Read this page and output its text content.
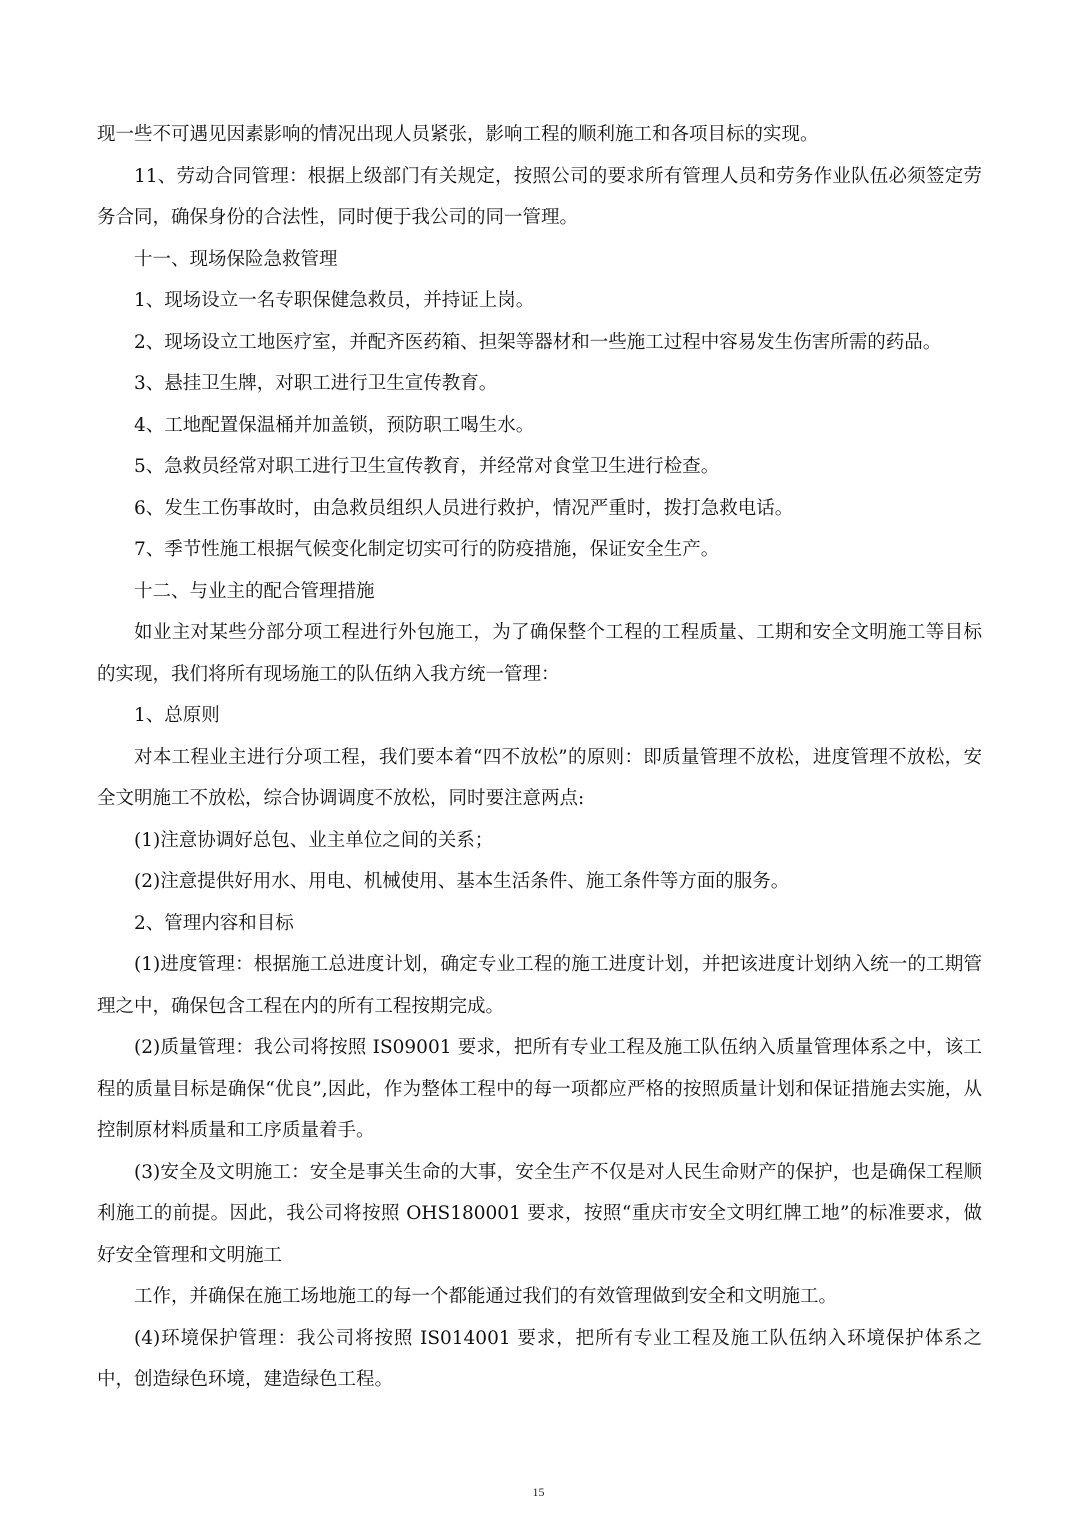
现一些不可遇见因素影响的情况出现人员紧张，影响工程的顺利施工和各项目标的实现。

11、劳动合同管理：根据上级部门有关规定，按照公司的要求所有管理人员和劳务作业队伍必须签定劳务合同，确保身份的合法性，同时便于我公司的同一管理。

十一、现场保险急救管理

1、现场设立一名专职保健急救员，并持证上岗。

2、现场设立工地医疗室，并配齐医药箱、担架等器材和一些施工过程中容易发生伤害所需的药品。

3、悬挂卫生牌，对职工进行卫生宣传教育。

4、工地配置保温桶并加盖锁，预防职工喝生水。

5、急救员经常对职工进行卫生宣传教育，并经常对食堂卫生进行检查。

6、发生工伤事故时，由急救员组织人员进行救护，情况严重时，拨打急救电话。

7、季节性施工根据气候变化制定切实可行的防疫措施，保证安全生产。

十二、与业主的配合管理措施

如业主对某些分部分项工程进行外包施工，为了确保整个工程的工程质量、工期和安全文明施工等目标的实现，我们将所有现场施工的队伍纳入我方统一管理：

1、总原则

对本工程业主进行分项工程，我们要本着“四不放松”的原则：即质量管理不放松，进度管理不放松，安全文明施工不放松，综合协调调度不放松，同时要注意两点:

(1)注意协调好总包、业主单位之间的关系；

(2)注意提供好用水、用电、机械使用、基本生活条件、施工条件等方面的服务。

2、管理内容和目标

(1)进度管理：根据施工总进度计划，确定专业工程的施工进度计划，并把该进度计划纳入统一的工期管理之中，确保包含工程在内的所有工程按期完成。

(2)质量管理：我公司将按照 IS09001 要求，把所有专业工程及施工队伍纳入质量管理体系之中，该工程的质量目标是确保“优良”,因此，作为整体工程中的每一项都应严格的按照质量计划和保证措施去实施，从控制原材料质量和工序质量着手。

(3)安全及文明施工：安全是事关生命的大事，安全生产不仅是对人民生命财产的保护，也是确保工程顺利施工的前提。因此，我公司将按照 OHS180001 要求，按照“重庆市安全文明红牌工地”的标准要求，做好安全管理和文明施工

工作，并确保在施工场地施工的每一个都能通过我们的有效管理做到安全和文明施工。

(4)环境保护管理：我公司将按照 IS014001 要求，把所有专业工程及施工队伍纳入环境保护体系之中，创造绿色环境，建造绿色工程。

15
